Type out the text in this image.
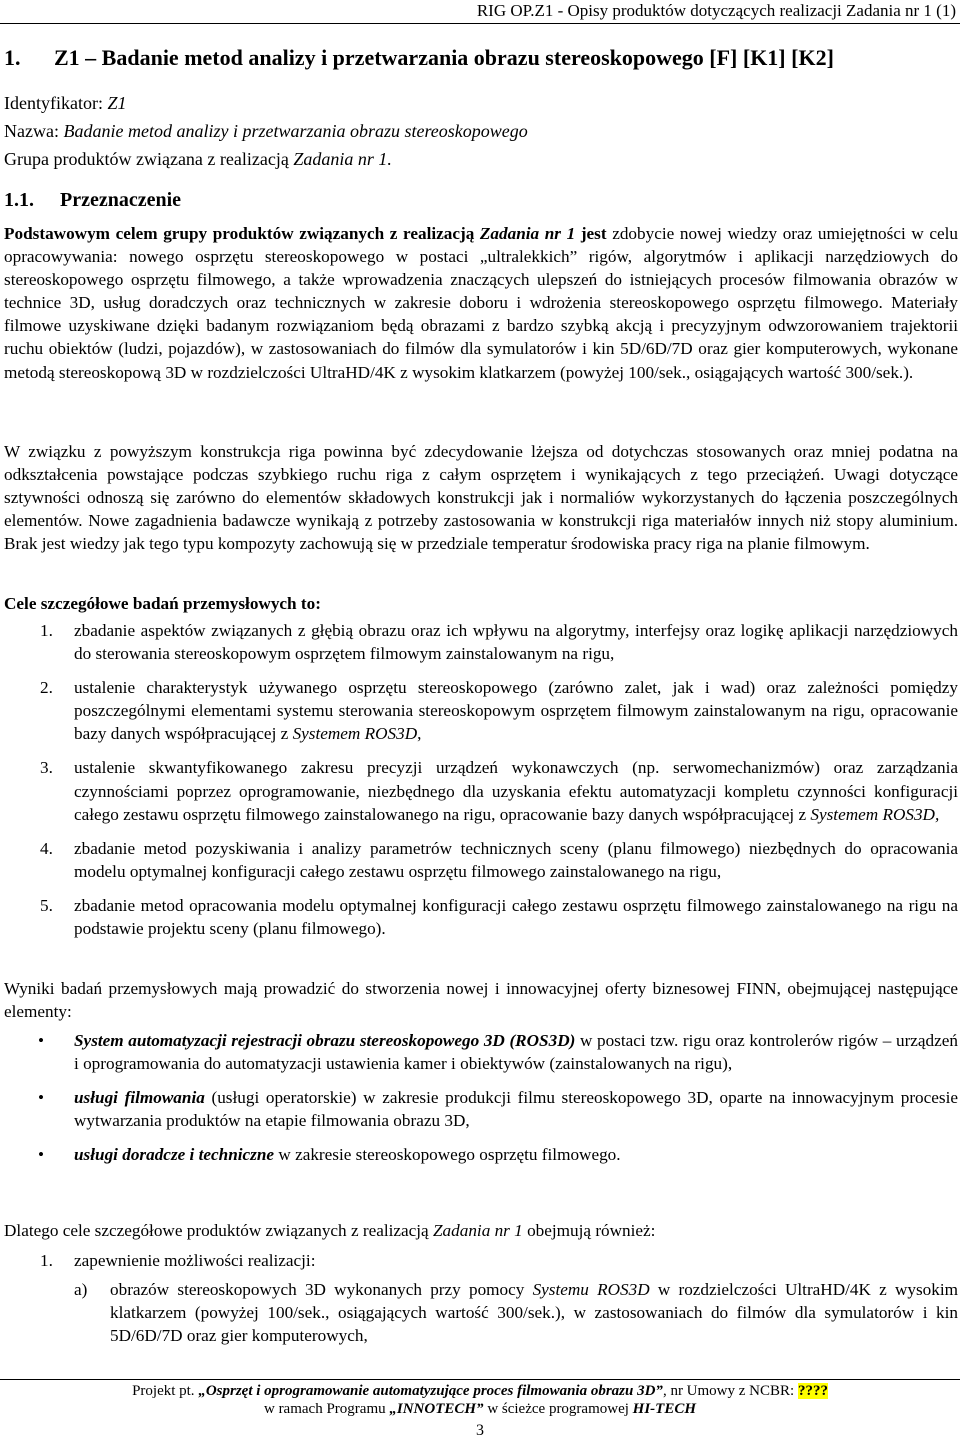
RIG OP.Z1 - Opisy produktów dotyczących realizacji Zadania nr 1 (1)
1. Z1 – Badanie metod analizy i przetwarzania obrazu stereoskopowego [F] [K1] [K2]
Identyfikator: Z1
Nazwa: Badanie metod analizy i przetwarzania obrazu stereoskopowego
Grupa produktów związana z realizacją Zadania nr 1.
1.1. Przeznaczenie

Podstawowym celem grupy produktów związanych z realizacją Zadania nr 1 jest zdobycie nowej wiedzy oraz umiejętności w celu opracowywania: nowego osprzętu stereoskopowego w postaci „ultralekkich” rigów, algorytmów i aplikacji narzędziowych do stereoskopowego osprzętu filmowego, a także wprowadzenia znaczących ulepszeń do istniejących procesów filmowania obrazów w technice 3D, usług doradczych oraz technicznych w zakresie doboru i wdrożenia stereoskopowego osprzętu filmowego. Materiały filmowe uzyskiwane dzięki badanym rozwiązaniom będą obrazami z bardzo szybką akcją i precyzyjnym odwzorowaniem trajektorii ruchu obiektów (ludzi, pojazdów), w zastosowaniach do filmów dla symulatorów i kin 5D/6D/7D oraz gier komputerowych, wykonane metodą stereoskopową 3D w rozdzielczości UltraHD/4K z wysokim klatkarzem (powyżej 100/sek., osiągających wartość 300/sek.).

W związku z powyższym konstrukcja riga powinna być zdecydowanie lżejsza od dotychczas stosowanych oraz mniej podatna na odkształcenia powstające podczas szybkiego ruchu riga z całym osprzętem i wynikających z tego przeciążeń. Uwagi dotyczące sztywności odnoszą się zarówno do elementów składowych konstrukcji jak i normaliów wykorzystanych do łączenia poszczególnych elementów. Nowe zagadnienia badawcze wynikają z potrzeby zastosowania w konstrukcji riga materiałów innych niż stopy aluminium. Brak jest wiedzy jak tego typu kompozyty zachowują się w przedziale temperatur środowiska pracy riga na planie filmowym.

Cele szczegółowe badań przemysłowych to:
1. zbadanie aspektów związanych z głębią obrazu oraz ich wpływu na algorytmy, interfejsy oraz logikę aplikacji narzędziowych do sterowania stereoskopowym osprzętem filmowym zainstalowanym na rigu,
2. ustalenie charakterystyk używanego osprzętu stereoskopowego (zarówno zalet, jak i wad) oraz zależności pomiędzy poszczególnymi elementami systemu sterowania stereoskopowym osprzętem filmowym zainstalowanym na rigu, opracowanie bazy danych współpracującej z Systemem ROS3D,
3. ustalenie skwantyfikowanego zakresu precyzji urządzeń wykonawczych (np. serwomechanizmów) oraz zarządzania czynnościami poprzez oprogramowanie, niezbędnego dla uzyskania efektu automatyzacji kompletu czynności konfiguracji całego zestawu osprzętu filmowego zainstalowanego na rigu, opracowanie bazy danych współpracującej z Systemem ROS3D,
4. zbadanie metod pozyskiwania i analizy parametrów technicznych sceny (planu filmowego) niezbędnych do opracowania modelu optymalnej konfiguracji całego zestawu osprzętu filmowego zainstalowanego na rigu,
5. zbadanie metod opracowania modelu optymalnej konfiguracji całego zestawu osprzętu filmowego zainstalowanego na rigu na podstawie projektu sceny (planu filmowego).

Wyniki badań przemysłowych mają prowadzić do stworzenia nowej i innowacyjnej oferty biznesowej FINN, obejmującej następujące elementy:

• System automatyzacji rejestracji obrazu stereoskopowego 3D (ROS3D) w postaci tzw. rigu oraz kontrolerów rigów – urządzeń i oprogramowania do automatyzacji ustawienia kamer i obiektywów (zainstalowanych na rigu),
• usługi filmowania (usługi operatorskie) w zakresie produkcji filmu stereoskopowego 3D, oparte na innowacyjnym procesie wytwarzania produktów na etapie filmowania obrazu 3D,
• usługi doradcze i techniczne w zakresie stereoskopowego osprzętu filmowego.

Dlatego cele szczegółowe produktów związanych z realizacją Zadania nr 1 obejmują również:

1. zapewnienie możliwości realizacji:
a) obrazów stereoskopowych 3D wykonanych przy pomocy Systemu ROS3D w rozdzielczości UltraHD/4K z wysokim klatkarzem (powyżej 100/sek., osiągających wartość 300/sek.), w zastosowaniach do filmów dla symulatorów i kin 5D/6D/7D oraz gier komputerowych,
Projekt pt. „Osprzęt i oprogramowanie automatyzujące proces filmowania obrazu 3D”, nr Umowy z NCBR: ????
w ramach Programu „INNOTECH” w ścieżce programowej HI-TECH
3
